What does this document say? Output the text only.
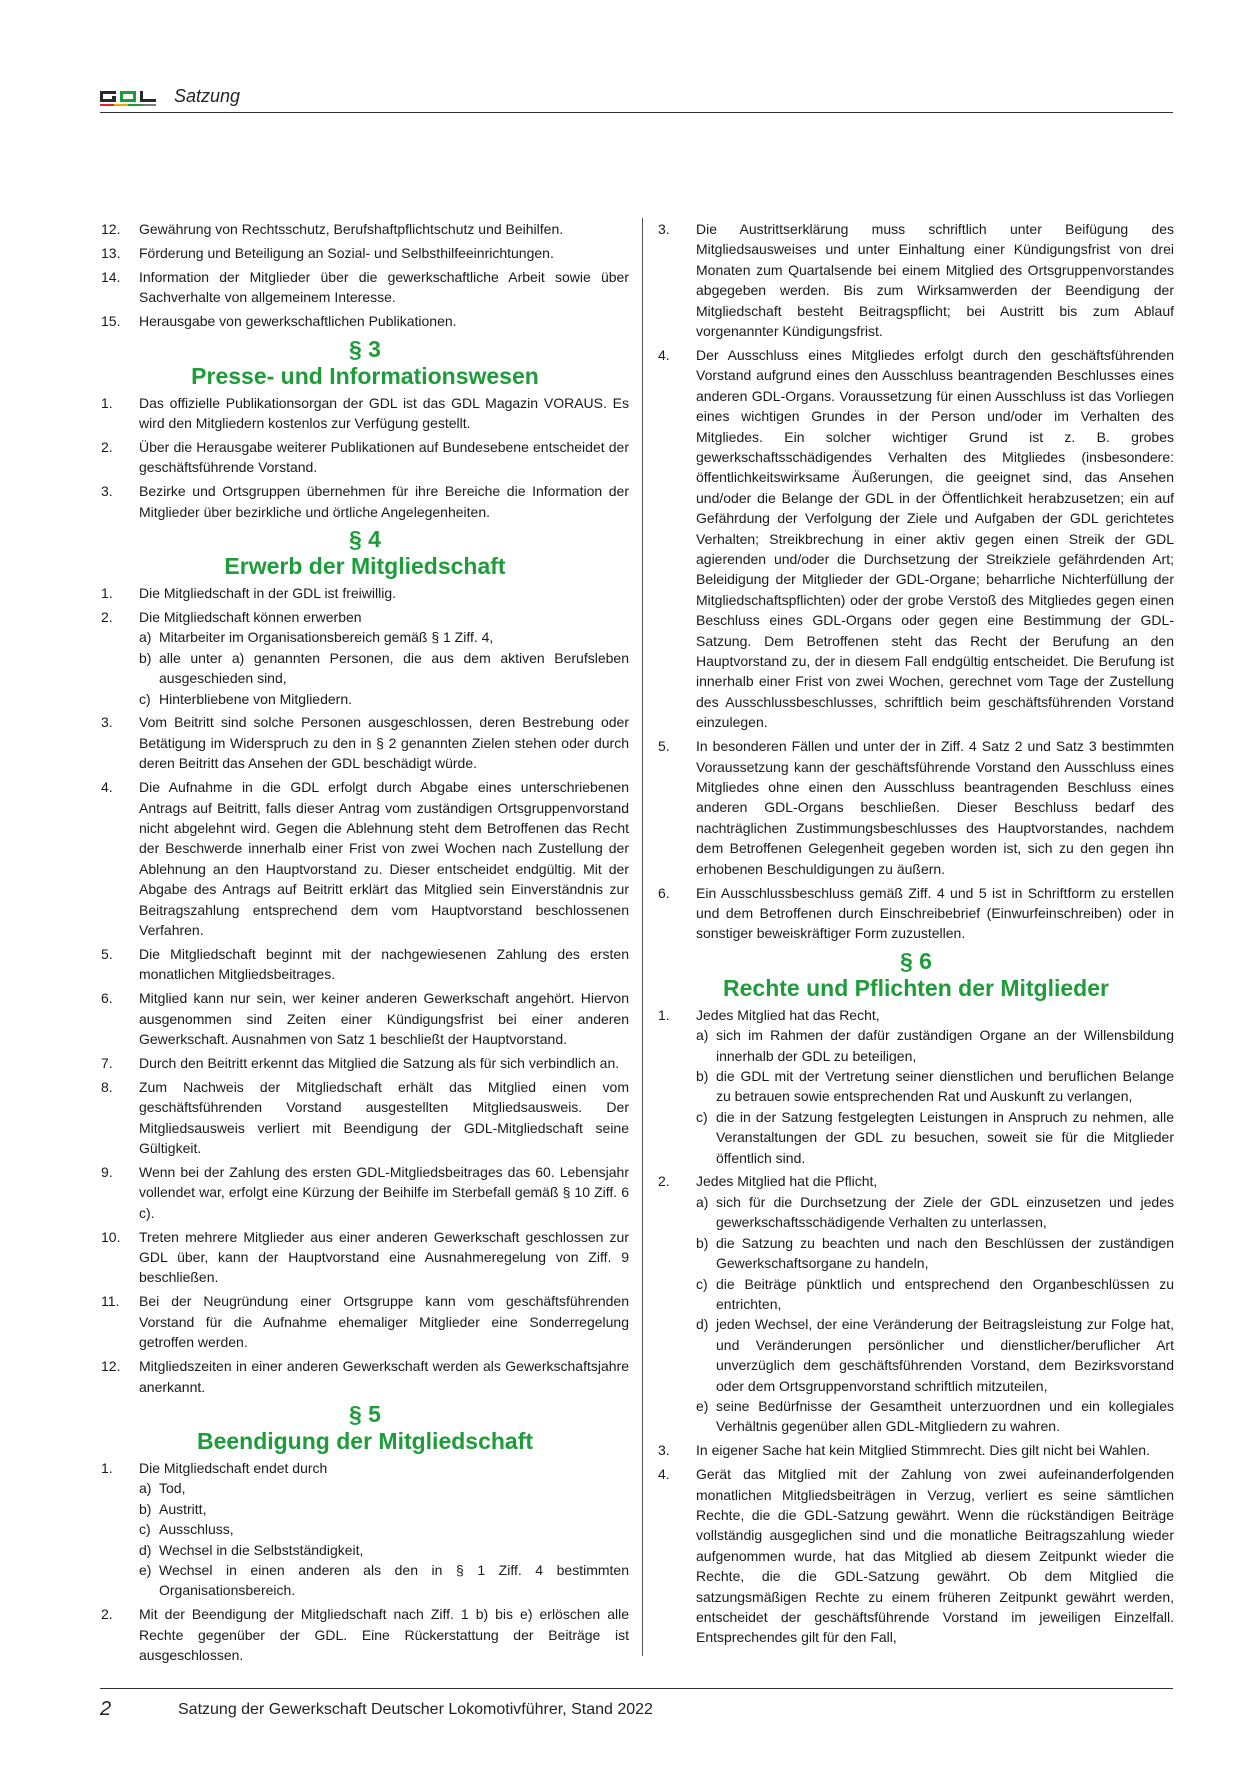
Satzung
12.	Gewährung von Rechtsschutz, Berufshaftpflichtschutz und Beihilfen.
13.	Förderung und Beteiligung an Sozial- und Selbsthilfeeinrichtungen.
14.	Information der Mitglieder über die gewerkschaftliche Arbeit sowie über Sachverhalte von allgemeinem Interesse.
15.	Herausgabe von gewerkschaftlichen Publikationen.
§ 3
Presse- und Informationswesen
1.	Das offizielle Publikationsorgan der GDL ist das GDL Magazin VORAUS. Es wird den Mitgliedern kostenlos zur Verfügung gestellt.
2.	Über die Herausgabe weiterer Publikationen auf Bundesebene entscheidet der geschäftsführende Vorstand.
3.	Bezirke und Ortsgruppen übernehmen für ihre Bereiche die Information der Mitglieder über bezirkliche und örtliche Angelegenheiten.
§ 4
Erwerb der Mitgliedschaft
1.	Die Mitgliedschaft in der GDL ist freiwillig.
2.	Die Mitgliedschaft können erwerben
a) Mitarbeiter im Organisationsbereich gemäß § 1 Ziff. 4,
b) alle unter a) genannten Personen, die aus dem aktiven Berufsleben ausgeschieden sind,
c) Hinterbliebene von Mitgliedern.
3.	Vom Beitritt sind solche Personen ausgeschlossen, deren Bestrebung oder Betätigung im Widerspruch zu den in § 2 genannten Zielen stehen oder durch deren Beitritt das Ansehen der GDL beschädigt würde.
4.	Die Aufnahme in die GDL erfolgt durch Abgabe eines unterschriebenen Antrags auf Beitritt, falls dieser Antrag vom zuständigen Ortsgruppenvorstand nicht abgelehnt wird. Gegen die Ablehnung steht dem Betroffenen das Recht der Beschwerde innerhalb einer Frist von zwei Wochen nach Zustellung der Ablehnung an den Hauptvorstand zu. Dieser entscheidet endgültig. Mit der Abgabe des Antrags auf Beitritt erklärt das Mitglied sein Einverständnis zur Beitragszahlung entsprechend dem vom Hauptvorstand beschlossenen Verfahren.
5.	Die Mitgliedschaft beginnt mit der nachgewiesenen Zahlung des ersten monatlichen Mitgliedsbeitrages.
6.	Mitglied kann nur sein, wer keiner anderen Gewerkschaft angehört. Hiervon ausgenommen sind Zeiten einer Kündigungsfrist bei einer anderen Gewerkschaft. Ausnahmen von Satz 1 beschließt der Hauptvorstand.
7.	Durch den Beitritt erkennt das Mitglied die Satzung als für sich verbindlich an.
8.	Zum Nachweis der Mitgliedschaft erhält das Mitglied einen vom geschäftsführenden Vorstand ausgestellten Mitgliedsausweis. Der Mitgliedsausweis verliert mit Beendigung der GDL-Mitgliedschaft seine Gültigkeit.
9.	Wenn bei der Zahlung des ersten GDL-Mitgliedsbeitrages das 60. Lebensjahr vollendet war, erfolgt eine Kürzung der Beihilfe im Sterbefall gemäß § 10 Ziff. 6 c).
10.	Treten mehrere Mitglieder aus einer anderen Gewerkschaft geschlossen zur GDL über, kann der Hauptvorstand eine Ausnahmeregelung von Ziff. 9 beschließen.
11.	Bei der Neugründung einer Ortsgruppe kann vom geschäftsführenden Vorstand für die Aufnahme ehemaliger Mitglieder eine Sonderregelung getroffen werden.
12.	Mitgliedszeiten in einer anderen Gewerkschaft werden als Gewerkschaftsjahre anerkannt.
§ 5
Beendigung der Mitgliedschaft
1.	Die Mitgliedschaft endet durch
a) Tod,
b) Austritt,
c) Ausschluss,
d) Wechsel in die Selbstständigkeit,
e) Wechsel in einen anderen als den in § 1 Ziff. 4 bestimmten Organisationsbereich.
2.	Mit der Beendigung der Mitgliedschaft nach Ziff. 1 b) bis e) erlöschen alle Rechte gegenüber der GDL. Eine Rückerstattung der Beiträge ist ausgeschlossen.
3.	Die Austrittserklärung muss schriftlich unter Beifügung des Mitgliedsausweises und unter Einhaltung einer Kündigungsfrist von drei Monaten zum Quartalsende bei einem Mitglied des Ortsgruppenvorstandes abgegeben werden. Bis zum Wirksamwerden der Beendigung der Mitgliedschaft besteht Beitragspflicht; bei Austritt bis zum Ablauf vorgenannter Kündigungsfrist.
4.	Der Ausschluss eines Mitgliedes erfolgt durch den geschäftsführenden Vorstand aufgrund eines den Ausschluss beantragenden Beschlusses eines anderen GDL-Organs. Voraussetzung für einen Ausschluss ist das Vorliegen eines wichtigen Grundes in der Person und/oder im Verhalten des Mitgliedes. Ein solcher wichtiger Grund ist z. B. grobes gewerkschaftsschädigendes Verhalten des Mitgliedes (insbesondere: öffentlichkeitswirksame Äußerungen, die geeignet sind, das Ansehen und/oder die Belange der GDL in der Öffentlichkeit herabzusetzen; ein auf Gefährdung der Verfolgung der Ziele und Aufgaben der GDL gerichtetes Verhalten; Streikbrechung in einer aktiv gegen einen Streik der GDL agierenden und/oder die Durchsetzung der Streikziele gefährdenden Art; Beleidigung der Mitglieder der GDL-Organe; beharrliche Nichterfüllung der Mitgliedschaftspflichten) oder der grobe Verstoß des Mitgliedes gegen einen Beschluss eines GDL-Organs oder gegen eine Bestimmung der GDL-Satzung. Dem Betroffenen steht das Recht der Berufung an den Hauptvorstand zu, der in diesem Fall endgültig entscheidet. Die Berufung ist innerhalb einer Frist von zwei Wochen, gerechnet vom Tage der Zustellung des Ausschlussbeschlusses, schriftlich beim geschäftsführenden Vorstand einzulegen.
5.	In besonderen Fällen und unter der in Ziff. 4 Satz 2 und Satz 3 bestimmten Voraussetzung kann der geschäftsführende Vorstand den Ausschluss eines Mitgliedes ohne einen den Ausschluss beantragenden Beschluss eines anderen GDL-Organs beschließen. Dieser Beschluss bedarf des nachträglichen Zustimmungsbeschlusses des Hauptvorstandes, nachdem dem Betroffenen Gelegenheit gegeben worden ist, sich zu den gegen ihn erhobenen Beschuldigungen zu äußern.
6.	Ein Ausschlussbeschluss gemäß Ziff. 4 und 5 ist in Schriftform zu erstellen und dem Betroffenen durch Einschreibebrief (Einwurfeinschreiben) oder in sonstiger beweiskräftiger Form zuzustellen.
§ 6
Rechte und Pflichten der Mitglieder
1.	Jedes Mitglied hat das Recht,
a) sich im Rahmen der dafür zuständigen Organe an der Willensbildung innerhalb der GDL zu beteiligen,
b) die GDL mit der Vertretung seiner dienstlichen und beruflichen Belange zu betrauen sowie entsprechenden Rat und Auskunft zu verlangen,
c) die in der Satzung festgelegten Leistungen in Anspruch zu nehmen, alle Veranstaltungen der GDL zu besuchen, soweit sie für die Mitglieder öffentlich sind.
2.	Jedes Mitglied hat die Pflicht,
a) sich für die Durchsetzung der Ziele der GDL einzusetzen und jedes gewerkschaftsschädigende Verhalten zu unterlassen,
b) die Satzung zu beachten und nach den Beschlüssen der zuständigen Gewerkschaftsorgane zu handeln,
c) die Beiträge pünktlich und entsprechend den Organbeschlüssen zu entrichten,
d) jeden Wechsel, der eine Veränderung der Beitragsleistung zur Folge hat, und Veränderungen persönlicher und dienstlicher/beruflicher Art unverzüglich dem geschäftsführenden Vorstand, dem Bezirksvorstand oder dem Ortsgruppenvorstand schriftlich mitzuteilen,
e) seine Bedürfnisse der Gesamtheit unterzuordnen und ein kollegiales Verhältnis gegenüber allen GDL-Mitgliedern zu wahren.
3.	In eigener Sache hat kein Mitglied Stimmrecht. Dies gilt nicht bei Wahlen.
4.	Gerät das Mitglied mit der Zahlung von zwei aufeinanderfolgenden monatlichen Mitgliedsbeiträgen in Verzug, verliert es seine sämtlichen Rechte, die die GDL-Satzung gewährt. Wenn die rückständigen Beiträge vollständig ausgeglichen sind und die monatliche Beitragszahlung wieder aufgenommen wurde, hat das Mitglied ab diesem Zeitpunkt wieder die Rechte, die die GDL-Satzung gewährt. Ob dem Mitglied die satzungsmäßigen Rechte zu einem früheren Zeitpunkt gewährt werden, entscheidet der geschäftsführende Vorstand im jeweiligen Einzelfall. Entsprechendes gilt für den Fall,
2	Satzung der Gewerkschaft Deutscher Lokomotivführer, Stand 2022
